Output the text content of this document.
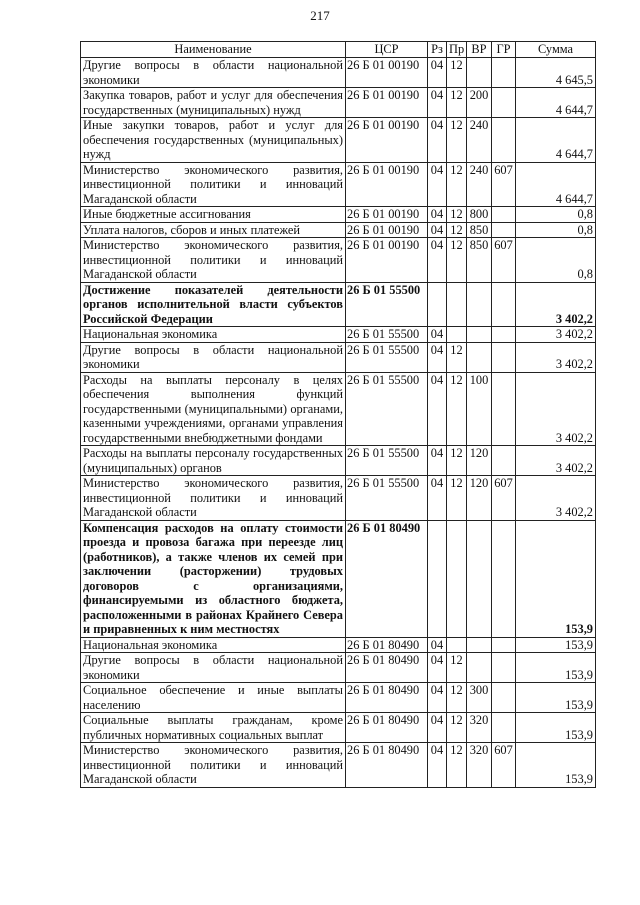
217
Наименование	ЦСР	Рз	Пр	ВР	ГР	Сумма
Другие вопросы в области национальной экономики	26 Б 01 00190	04	12			4 645,5
Закупка товаров, работ и услуг для обеспечения государственных (муниципальных) нужд	26 Б 01 00190	04	12	200		4 644,7
Иные закупки товаров, работ и услуг для обеспечения государственных (муниципальных) нужд	26 Б 01 00190	04	12	240		4 644,7
Министерство экономического развития, инвестиционной политики и инноваций Магаданской области	26 Б 01 00190	04	12	240	607	4 644,7
Иные бюджетные ассигнования	26 Б 01 00190	04	12	800		0,8
Уплата налогов, сборов и иных платежей	26 Б 01 00190	04	12	850		0,8
Министерство экономического развития, инвестиционной политики и инноваций Магаданской области	26 Б 01 00190	04	12	850	607	0,8
Достижение показателей деятельности органов исполнительной власти субъектов Российской Федерации	26 Б 01 55500					3 402,2
Национальная экономика	26 Б 01 55500	04				3 402,2
Другие вопросы в области национальной экономики	26 Б 01 55500	04	12			3 402,2
Расходы на выплаты персоналу в целях обеспечения выполнения функций государственными (муниципальными) органами, казенными учреждениями, органами управления государственными внебюджетными фондами	26 Б 01 55500	04	12	100		3 402,2
Расходы на выплаты персоналу государственных (муниципальных) органов	26 Б 01 55500	04	12	120		3 402,2
Министерство экономического развития, инвестиционной политики и инноваций Магаданской области	26 Б 01 55500	04	12	120	607	3 402,2
Компенсация расходов на оплату стоимости проезда и провоза багажа при переезде лиц (работников), а также членов их семей при заключении (расторжении) трудовых договоров с организациями, финансируемыми из областного бюджета, расположенными в районах Крайнего Севера и приравненных к ним местностях	26 Б 01 80490					153,9
Национальная экономика	26 Б 01 80490	04				153,9
Другие вопросы в области национальной экономики	26 Б 01 80490	04	12			153,9
Социальное обеспечение и иные выплаты населению	26 Б 01 80490	04	12	300		153,9
Социальные выплаты гражданам, кроме публичных нормативных социальных выплат	26 Б 01 80490	04	12	320		153,9
Министерство экономического развития, инвестиционной политики и инноваций Магаданской области	26 Б 01 80490	04	12	320	607	153,9
